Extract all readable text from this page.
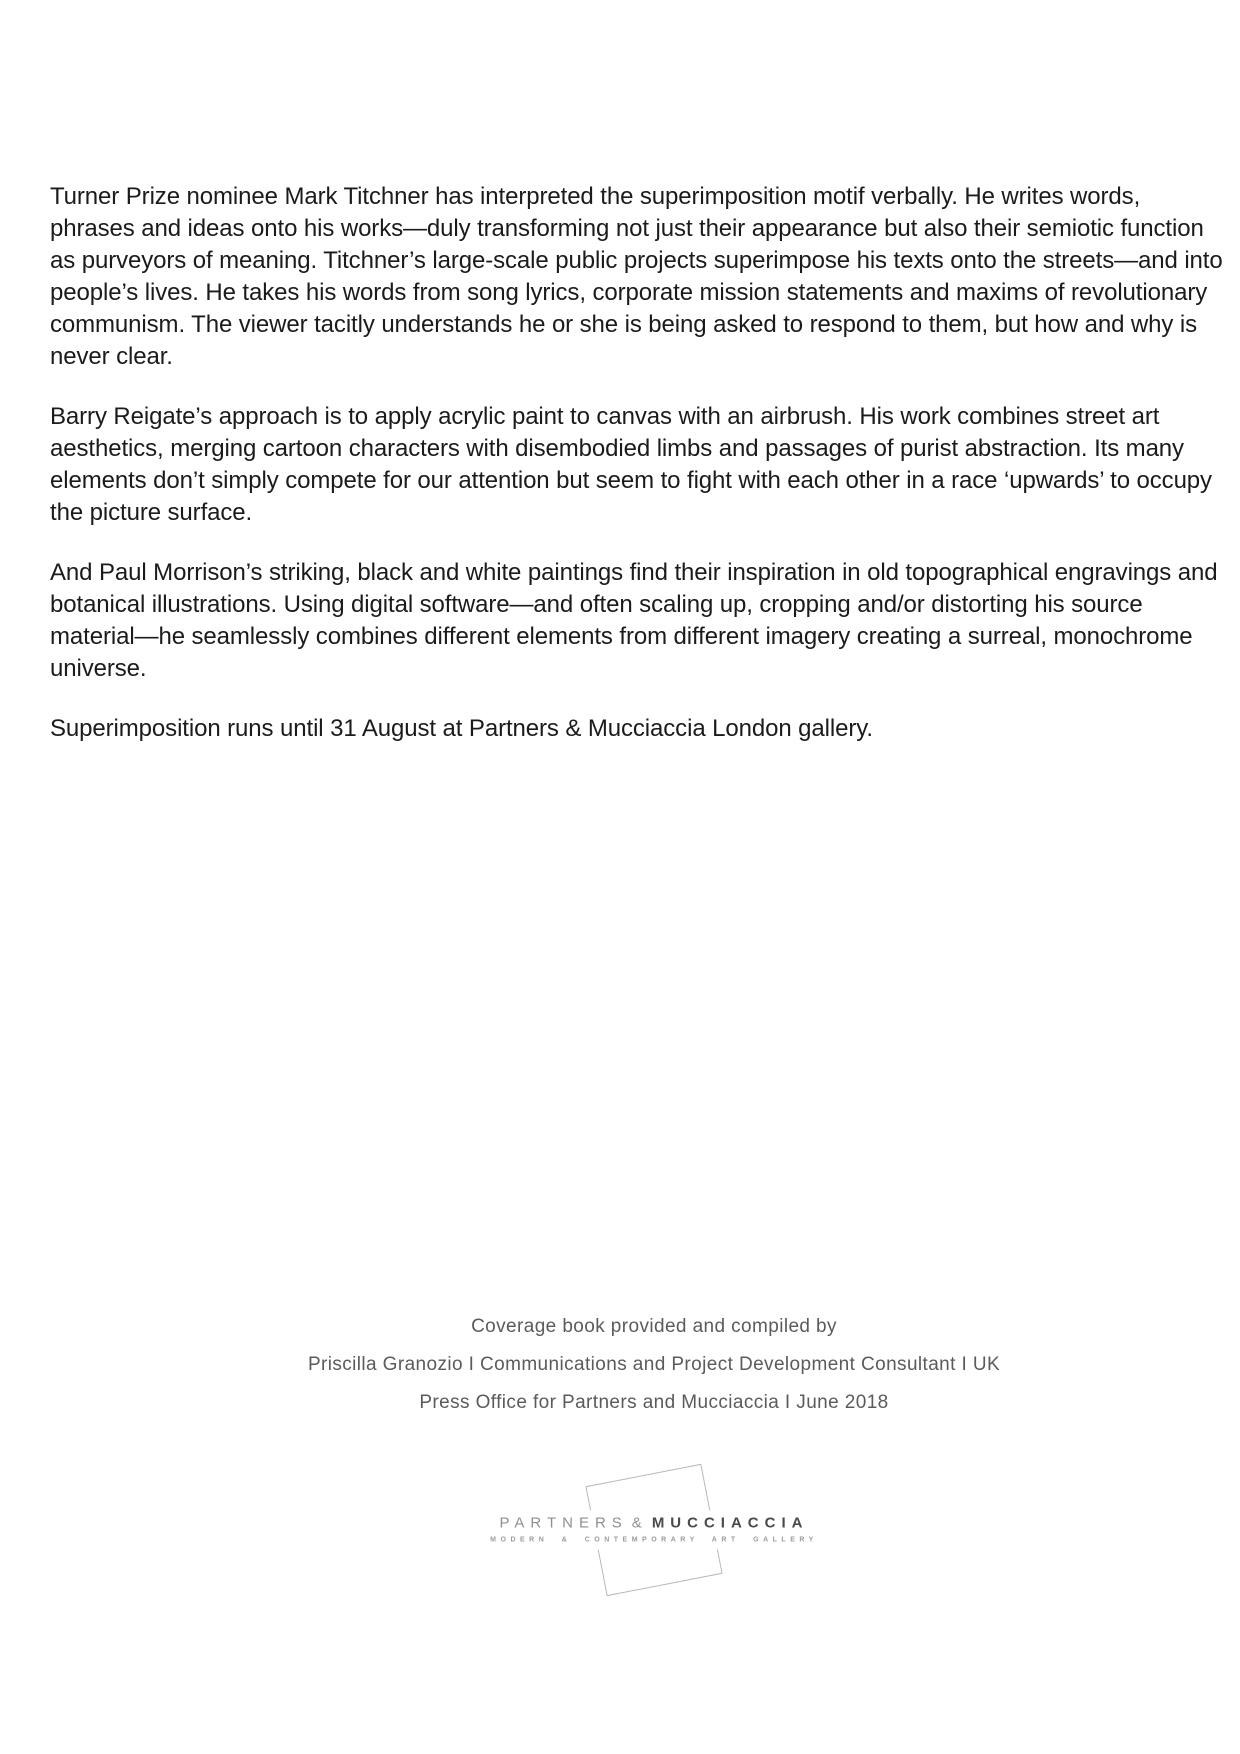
Turner Prize nominee Mark Titchner has interpreted the superimposition motif verbally. He writes words, phrases and ideas onto his works—duly transforming not just their appearance but also their semiotic function as purveyors of meaning. Titchner’s large-scale public projects superimpose his texts onto the streets—and into people’s lives. He takes his words from song lyrics, corporate mission statements and maxims of revolutionary communism. The viewer tacitly understands he or she is being asked to respond to them, but how and why is never clear.

Barry Reigate’s approach is to apply acrylic paint to canvas with an airbrush. His work combines street art aesthetics, merging cartoon characters with disembodied limbs and passages of purist abstraction. Its many elements don’t simply compete for our attention but seem to fight with each other in a race ‘upwards’ to occupy the picture surface.

And Paul Morrison’s striking, black and white paintings find their inspiration in old topographical engravings and botanical illustrations. Using digital software—and often scaling up, cropping and/or distorting his source material—he seamlessly combines different elements from different imagery creating a surreal, monochrome universe.

Superimposition runs until 31 August at Partners & Mucciaccia London gallery.

Coverage book provided and compiled by
Priscilla Granozio I Communications and Project Development Consultant I UK
Press Office for Partners and Mucciaccia I June 2018
PARTNERS & MUCCIACCIA
MODERN & CONTEMPORARY ART GALLERY
